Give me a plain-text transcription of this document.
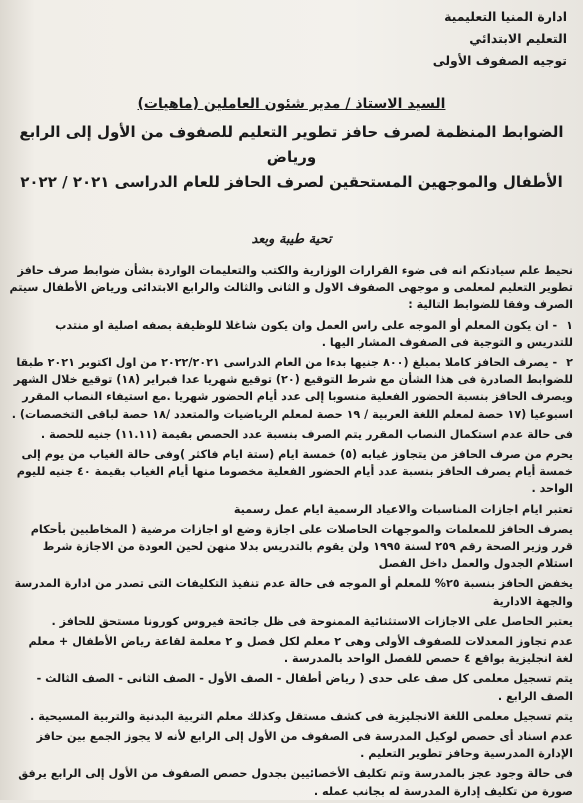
ادارة المنيا التعليمية
التعليم الابتدائي
توجيه الصفوف الأولى
السيد الاستاذ / مدير شئون العاملين (ماهيات)
الضوابط المنظمة لصرف حافز تطوير التعليم للصفوف من الأول إلى الرابع ورياض
الأطفال والموجهين المستحقين لصرف الحافز للعام الدراسى ٢٠٢١ / ٢٠٢٢
تحية طيبة وبعد

نحيط علم سيادتكم انه فى ضوء القرارات الوزارية والكتب والتعليمات الواردة بشأن ضوابط صرف حافز تطوير التعليم لمعلمى و موجهى الصفوف الاول و الثانى والثالث والرابع الابتدائى ورياض الأطفال سيتم الصرف وفقا للضوابط التالية :

١ - ان يكون المعلم أو الموجه على راس العمل وان يكون شاغلا للوظيفة بصفه اصلية او منتدب للتدريس و التوجية فى الصفوف المشار اليها .
٢ - يصرف الحافز كاملا بمبلغ (٨٠٠ جنيها بدءا من العام الدراسى ٢٠٢٢/٢٠٢١ من اول اكتوبر ٢٠٢١ طبقا للضوابط الصادرة فى هذا الشأن مع شرط التوقيع (٢٠) توقيع شهريا عدا فبراير (١٨) توقيع خلال الشهر ويصرف الحافز بنسبة الحضور الفعلية منسوبا إلى عدد أيام الحضور شهريا .مع استيفاء النصاب المقرر اسبوعيا (١٧ حصة لمعلم اللغة العربية / ١٩ حصة لمعلم الرياضيات والمتعدد /١٨ حصة لباقى التخصصات) .
فى حالة عدم استكمال النصاب المقرر يتم الصرف بنسبة عدد الحصص بقيمة (١١.١١) جنيه للحصة .
يحرم من صرف الحافز من يتجاوز غيابه (٥) خمسة ايام (ستة ايام فاكثر )وفى حالة الغياب من يوم إلى خمسة أيام يصرف الحافز بنسبة عدد أيام الحضور الفعلية مخصوما منها أيام الغياب بقيمة ٤٠ جنيه لليوم الواحد .
تعتبر ايام اجازات المناسبات والاعياد الرسمية ايام عمل رسمية
يصرف الحافز للمعلمات والموجهات الحاصلات على اجازة وضع او اجازات مرضية ( المخاطبين بأحكام قرر وزير الصحة رقم ٢٥٩ لسنة ١٩٩٥ ولن يقوم بالتدريس بدلا منهن لحين العودة من الاجازة شرط استلام الجدول والعمل داخل الفصل
يخفض الحافز بنسبة ٢٥% للمعلم أو الموجه فى حالة عدم تنفيذ التكليفات التى تصدر من ادارة المدرسة والجهة الادارية
يعتبر الحاصل على الاجازات الاستثنائية الممنوحة فى ظل جائحة فيروس كورونا مستحق للحافز .
عدم تجاوز المعدلات للصفوف الأولى وهى ٢ معلم لكل فصل و ٢ معلمة لقاعة رياض الأطفال + معلم لغة انجليزية بواقع ٤ حصص للفصل الواحد بالمدرسة .
يتم تسجيل معلمى كل صف على حدى ( رياض أطفال - الصف الأول - الصف الثانى - الصف الثالث - الصف الرابع .
يتم تسجيل معلمى اللغة الانجليزية فى كشف مستقل وكذلك معلم التربية البدنية والتربية المسيحية .
عدم اسناد أى حصص لوكيل المدرسة فى الصفوف من الأول إلى الرابع لأنه لا يجوز الجمع بين حافز الإدارة المدرسية وحافز تطوير التعليم .
فى حالة وجود عجز بالمدرسة وتم تكليف الأخصائيين بجدول حصص الصفوف من الأول إلى الرابع يرفق صورة من تكليف إدارة المدرسة له بجانب عمله .
